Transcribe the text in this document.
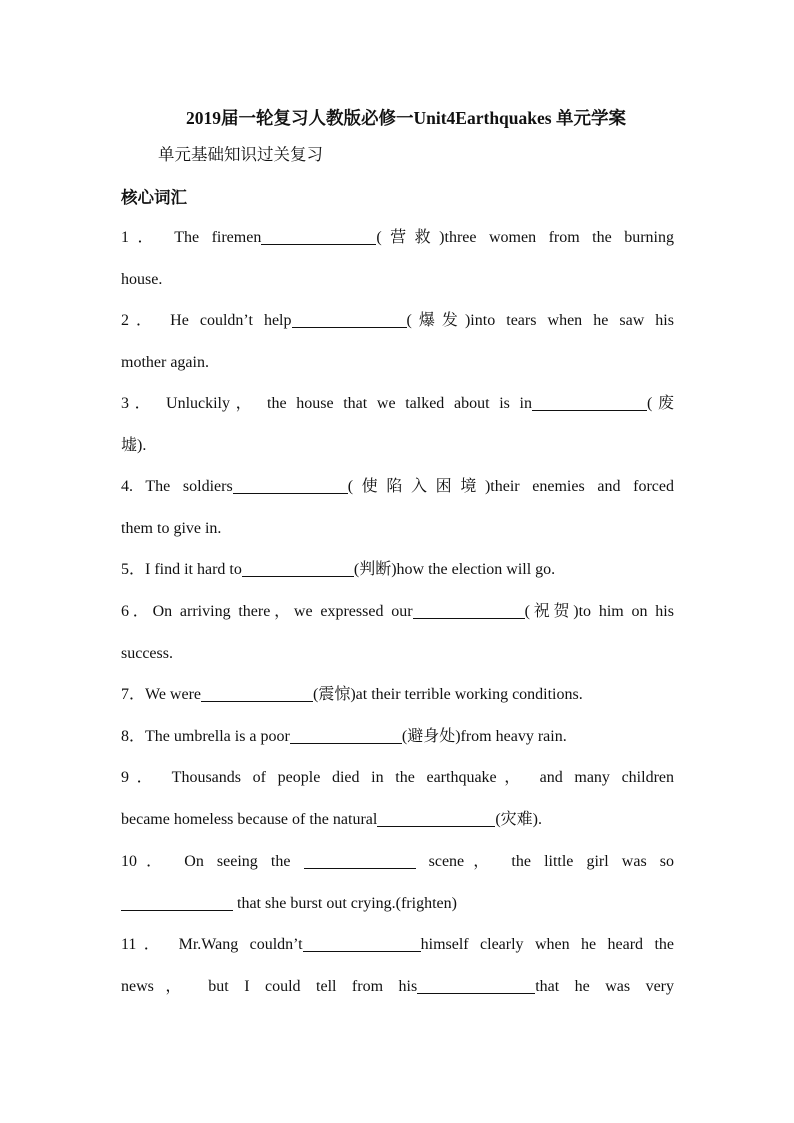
2019届一轮复习人教版必修一Unit4Earthquakes 单元学案
单元基础知识过关复习
核心词汇
1． The firemen	(营救)three women from the burning
house.
2． He couldn’t help	(爆发)into tears when he saw his
mother again.
3． Unluckily， the house that we talked about is in	(废
墟).
4. The soldiers	(使陷入困境)their enemies and forced
them to give in.
5．I find it hard to	(判断)how the election will go.
6．On arriving there，we expressed our	(祝贺)to him on his
success.
7．We were	(震惊)at their terrible working conditions.
8．The umbrella is a poor	(避身处)from heavy rain.
9． Thousands of people died in the earthquake， and many children
became homeless because of the natural	(灾难).
10． On seeing the	scene， the little girl was so
that she burst out crying.(frighten)
11． Mr.Wang couldn’t	himself clearly when he heard the
news， but I could tell from his	that he was very
